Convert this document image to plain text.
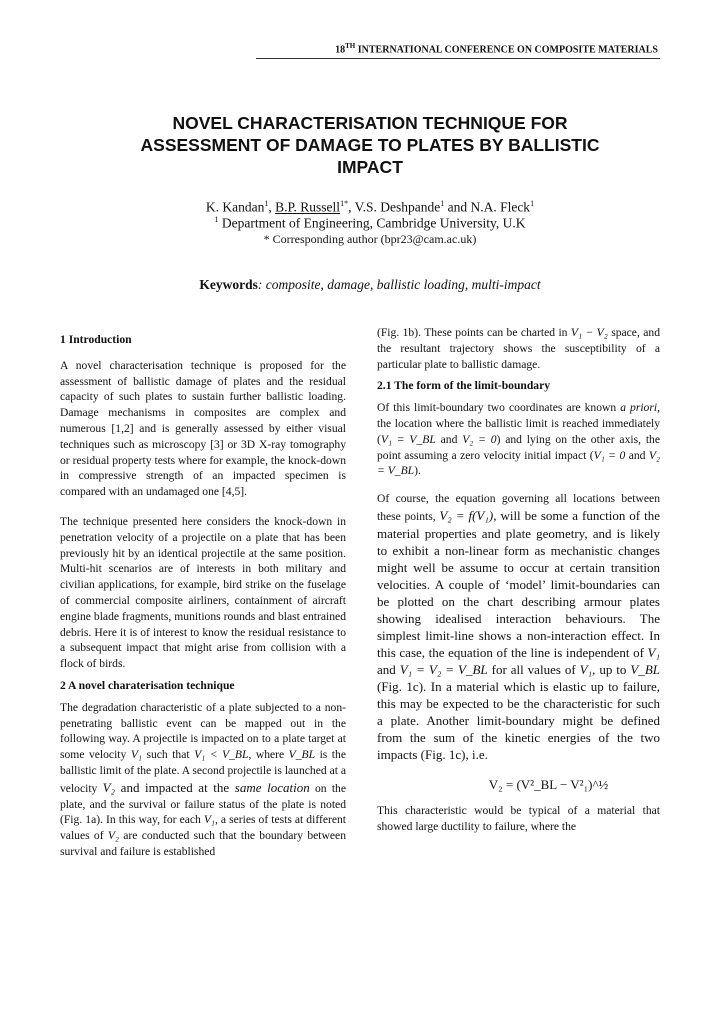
18TH INTERNATIONAL CONFERENCE ON COMPOSITE MATERIALS
NOVEL CHARACTERISATION TECHNIQUE FOR
ASSESSMENT OF DAMAGE TO PLATES BY BALLISTIC
IMPACT
K. Kandan$^1$, B.P. Russell$^{1*}$, V.S. Deshpande$^1$ and N.A. Fleck$^1$
$^1$ Department of Engineering, Cambridge University, U.K
* Corresponding author (bpr23@cam.ac.uk)
Keywords: composite, damage, ballistic loading, multi-impact

1 Introduction

A novel characterisation technique is proposed for the assessment of ballistic damage of plates and the residual capacity of such plates to sustain further ballistic loading. Damage mechanisms in composites are complex and numerous [1,2] and is generally assessed by either visual techniques such as microscopy [3] or 3D X-ray tomography or residual property tests where for example, the knock-down in compressive strength of an impacted specimen is compared with an undamaged one [4,5].

The technique presented here considers the knock-down in penetration velocity of a projectile on a plate that has been previously hit by an identical projectile at the same position. Multi-hit scenarios are of interests in both military and civilian applications, for example, bird strike on the fuselage of commercial composite airliners, containment of aircraft engine blade fragments, munitions rounds and blast entrained debris. Here it is of interest to know the residual resistance to a subsequent impact that might arise from collision with a flock of birds.

2 A novel charaterisation technique

The degradation characteristic of a plate subjected to a non-penetrating ballistic event can be mapped out in the following way. A projectile is impacted on to a plate target at some velocity V₁ such that V₁ < V_BL, where V_BL is the ballistic limit of the plate. A second projectile is launched at a velocity V₂ and impacted at the same location on the plate, and the survival or failure status of the plate is noted (Fig. 1a). In this way, for each V₁, a series of tests at different values of V₂ are conducted such that the boundary between survival and failure is established

(Fig. 1b). These points can be charted in V₁ − V₂ space, and the resultant trajectory shows the susceptibility of a particular plate to ballistic damage.

2.1 The form of the limit-boundary

Of this limit-boundary two coordinates are known a priori, the location where the ballistic limit is reached immediately (V₁ = V_BL and V₂ = 0) and lying on the other axis, the point assuming a zero velocity initial impact (V₁ = 0 and V₂ = V_BL).

Of course, the equation governing all locations between these points, V₂ = f(V₁), will be some a function of the material properties and plate geometry, and is likely to exhibit a non-linear form as mechanistic changes might well be assume to occur at certain transition velocities. A couple of ‘model’ limit-boundaries can be plotted on the chart describing armour plates showing idealised interaction behaviours. The simplest limit-line shows a non-interaction effect. In this case, the equation of the line is independent of V₁ and V₁ = V₂ = V_BL for all values of V₁, up to V_BL (Fig. 1c). In a material which is elastic up to failure, this may be expected to be the characteristic for such a plate. Another limit-boundary might be defined from the sum of the kinetic energies of the two impacts (Fig. 1c), i.e.

V₂ = (V²_BL − V²₁)^½

This characteristic would be typical of a material that showed large ductility to failure, where the
